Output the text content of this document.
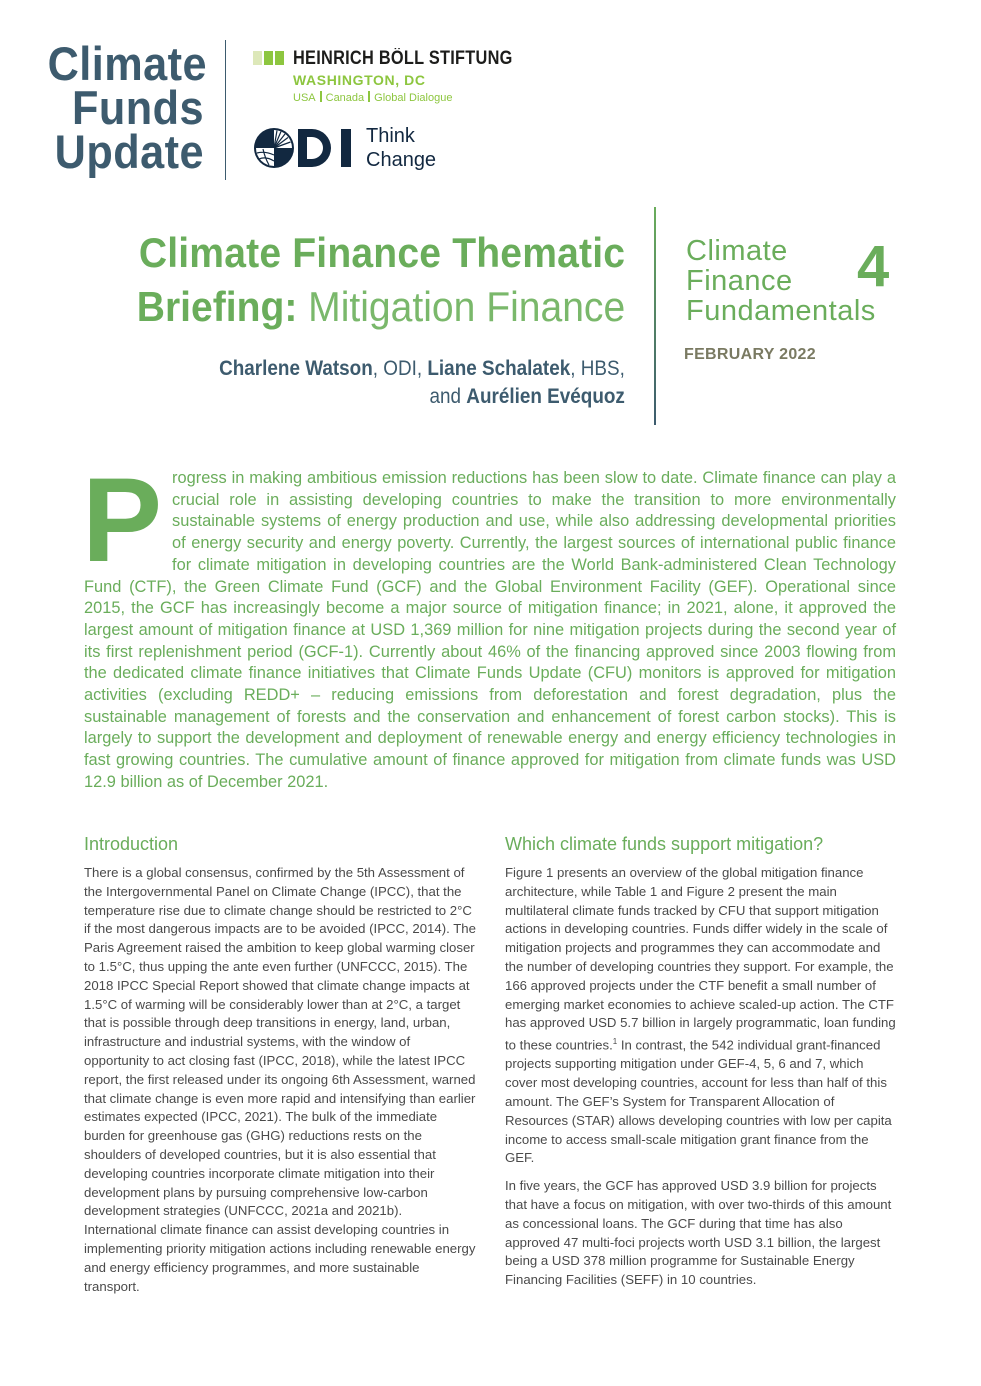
Climate
Funds
Update
HEINRICH BÖLL STIFTUNG
WASHINGTON, DC
USA Canada Global Dialogue
Think
Change
Climate Finance Thematic
Briefing: Mitigation Finance
Charlene Watson, ODI, Liane Schalatek, HBS,
and Aurélien Evéquoz
Climate
Finance
Fundamentals
4
FEBRUARY 2022
Progress in making ambitious emission reductions has been slow to date. Climate finance can play a crucial role in assisting developing countries to make the transition to more environmentally sustainable systems of energy production and use, while also addressing developmental priorities of energy security and energy poverty. Currently, the largest sources of international public finance for climate mitigation in developing countries are the World Bank-administered Clean Technology Fund (CTF), the Green Climate Fund (GCF) and the Global Environment Facility (GEF). Operational since 2015, the GCF has increasingly become a major source of mitigation finance; in 2021, alone, it approved the largest amount of mitigation finance at USD 1,369 million for nine mitigation projects during the second year of its first replenishment period (GCF-1). Currently about 46% of the financing approved since 2003 flowing from the dedicated climate finance initiatives that Climate Funds Update (CFU) monitors is approved for mitigation activities (excluding REDD+ – reducing emissions from deforestation and forest degradation, plus the sustainable management of forests and the conservation and enhancement of forest carbon stocks). This is largely to support the development and deployment of renewable energy and energy efficiency technologies in fast growing countries. The cumulative amount of finance approved for mitigation from climate funds was USD 12.9 billion as of December 2021.
Introduction

There is a global consensus, confirmed by the 5th Assessment of the Intergovernmental Panel on Climate Change (IPCC), that the temperature rise due to climate change should be restricted to 2°C if the most dangerous impacts are to be avoided (IPCC, 2014). The Paris Agreement raised the ambition to keep global warming closer to 1.5°C, thus upping the ante even further (UNFCCC, 2015). The 2018 IPCC Special Report showed that climate change impacts at 1.5°C of warming will be considerably lower than at 2°C, a target that is possible through deep transitions in energy, land, urban, infrastructure and industrial systems, with the window of opportunity to act closing fast (IPCC, 2018), while the latest IPCC report, the first released under its ongoing 6th Assessment, warned that climate change is even more rapid and intensifying than earlier estimates expected (IPCC, 2021). The bulk of the immediate burden for greenhouse gas (GHG) reductions rests on the shoulders of developed countries, but it is also essential that developing countries incorporate climate mitigation into their development plans by pursuing comprehensive low-carbon development strategies (UNFCCC, 2021a and 2021b). International climate finance can assist developing countries in implementing priority mitigation actions including renewable energy and energy efficiency programmes, and more sustainable transport.

Which climate funds support mitigation?

Figure 1 presents an overview of the global mitigation finance architecture, while Table 1 and Figure 2 present the main multilateral climate funds tracked by CFU that support mitigation actions in developing countries. Funds differ widely in the scale of mitigation projects and programmes they can accommodate and the number of developing countries they support. For example, the 166 approved projects under the CTF benefit a small number of emerging market economies to achieve scaled-up action. The CTF has approved USD 5.7 billion in largely programmatic, loan funding to these countries.$^1$ In contrast, the 542 individual grant-financed projects supporting mitigation under GEF-4, 5, 6 and 7, which cover most developing countries, account for less than half of this amount. The GEF’s System for Transparent Allocation of Resources (STAR) allows developing countries with low per capita income to access small-scale mitigation grant finance from the GEF.

In five years, the GCF has approved USD 3.9 billion for projects that have a focus on mitigation, with over two-thirds of this amount as concessional loans. The GCF during that time has also approved 47 multi-foci projects worth USD 3.1 billion, the largest being a USD 378 million programme for Sustainable Energy Financing Facilities (SEFF) in 10 countries.
